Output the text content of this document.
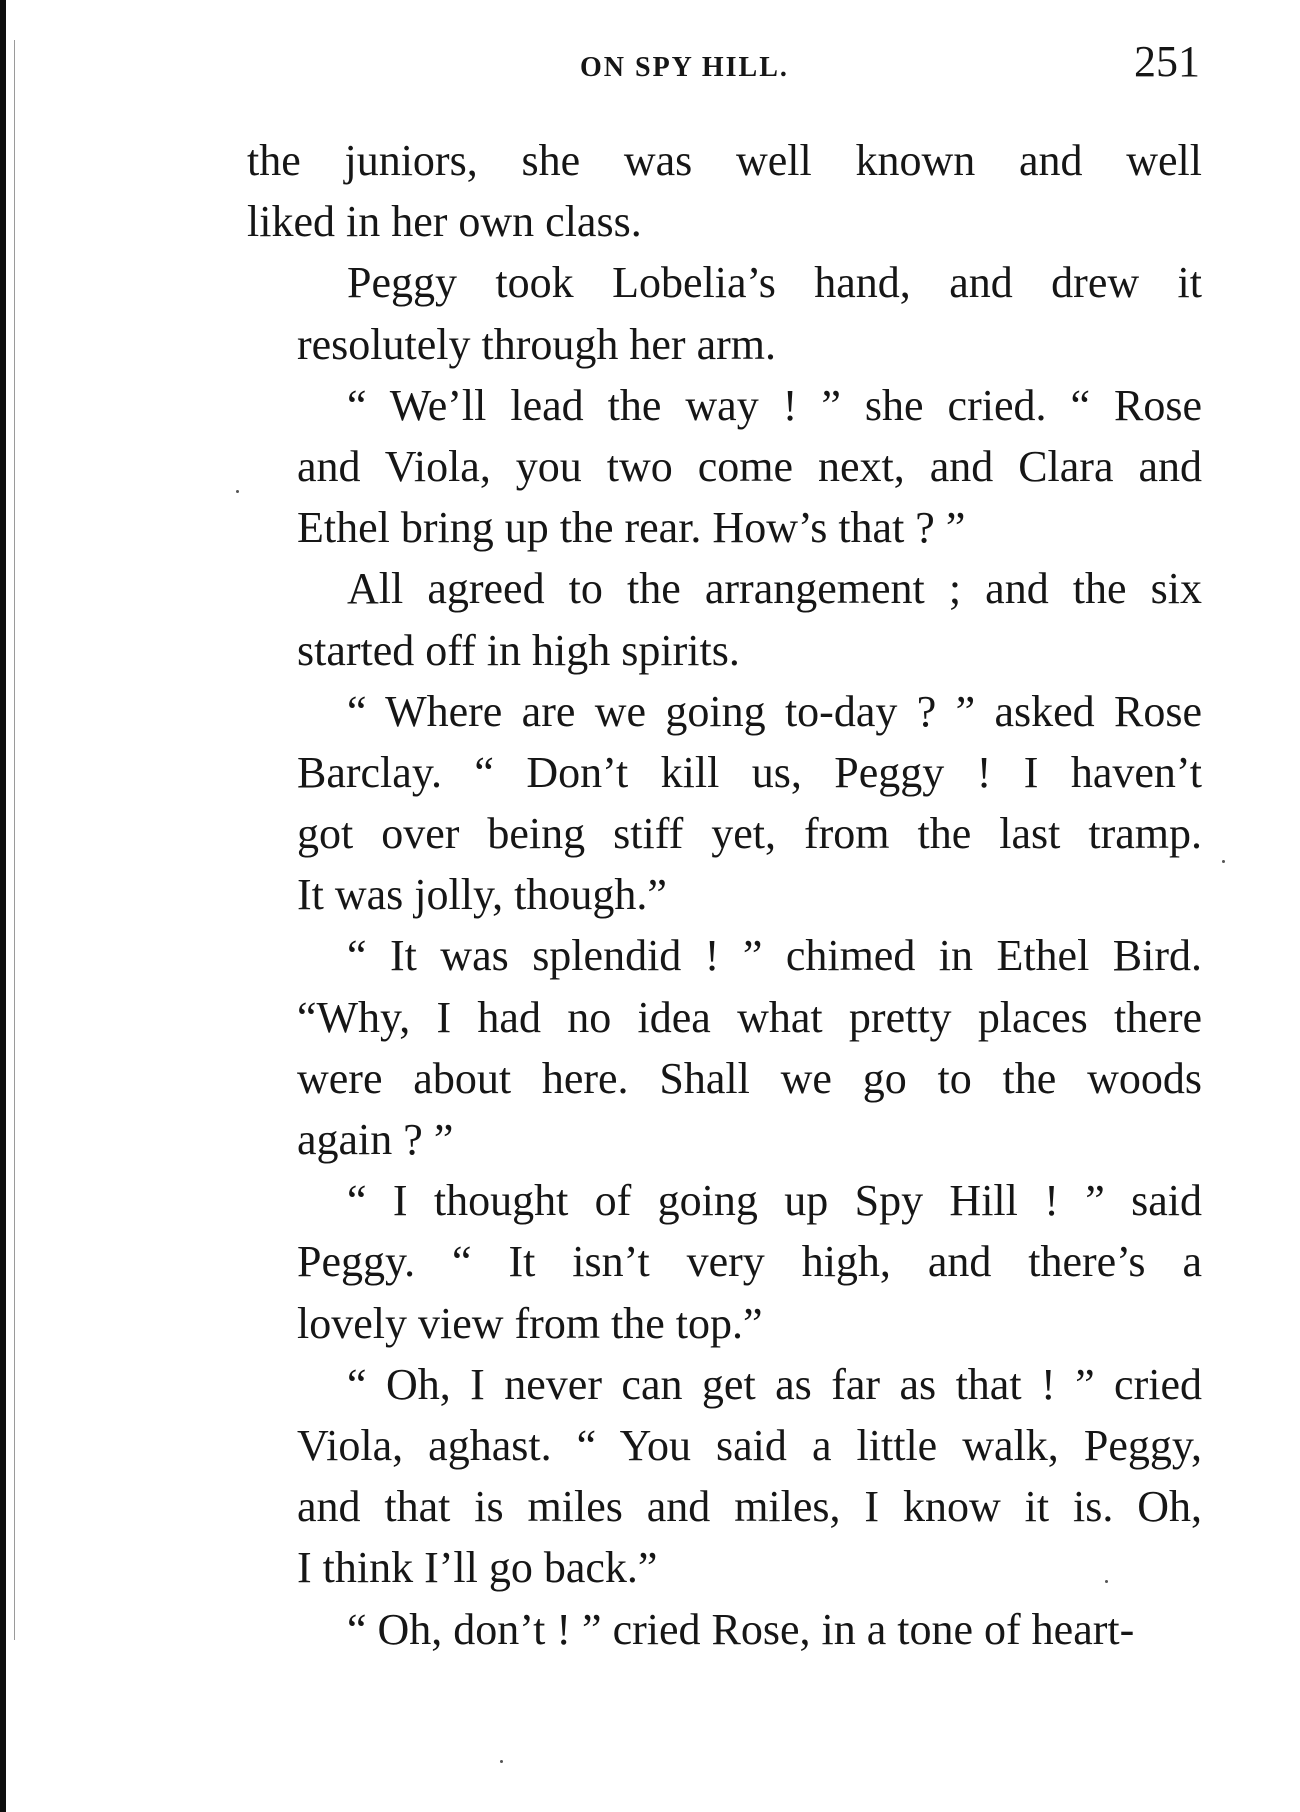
ON SPY HILL.	251

the juniors, she was well known and well
liked in her own class.

Peggy took Lobelia’s hand, and drew it
resolutely through her arm.

“ We’ll lead the way ! ” she cried. “ Rose
and Viola, you two come next, and Clara and
Ethel bring up the rear. How’s that ? ”

All agreed to the arrangement ; and the six
started off in high spirits.

“ Where are we going to-day ? ” asked Rose
Barclay. “ Don’t kill us, Peggy ! I haven’t
got over being stiff yet, from the last tramp.
It was jolly, though.”

“ It was splendid ! ” chimed in Ethel Bird.
“Why, I had no idea what pretty places there
were about here. Shall we go to the woods
again ? ”

“ I thought of going up Spy Hill ! ” said
Peggy. “ It isn’t very high, and there’s a
lovely view from the top.”

“ Oh, I never can get as far as that ! ” cried
Viola, aghast. “ You said a little walk, Peggy,
and that is miles and miles, I know it is. Oh,
I think I’ll go back.”

“ Oh, don’t ! ” cried Rose, in a tone of heart-
